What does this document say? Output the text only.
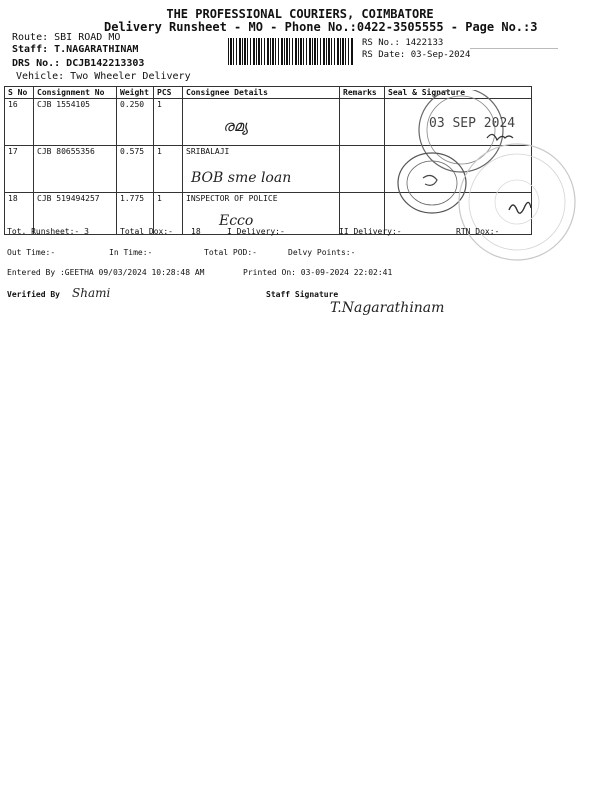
THE PROFESSIONAL COURIERS, COIMBATORE
Delivery Runsheet - MO - Phone No.:0422-3505555 - Page No.:3
Route: SBI ROAD MO
Staff: T.NAGARATHINAM
DRS No.: DCJB142213303
Vehicle: Two Wheeler Delivery
RS No.: 1422133
RS Date: 03-Sep-2024
S No	Consignment No	Weight	PCS	Consignee Details	Remarks	Seal & Signature
16	CJB 1554105	0.250	1	രമ്യ		

17	CJB 80655356	0.575	1	SRIBALAJI
BOB sme loan		

18	CJB 519494257	1.775	1	INSPECTOR OF POLICE
Ecco		

03 SEP 2024
Tot. Runsheet:- 3	Total Dox:- 18	I Delivery:-	II Delivery:-	RTN Dox:-
Out Time:-	In Time:-	Total POD:-	Delvy Points:-
Entered By :GEETHA 09/03/2024 10:28:48 AM	Printed On: 03-09-2024 22:02:41
Verified By Shami	Staff Signature
T.Nagarathinam
